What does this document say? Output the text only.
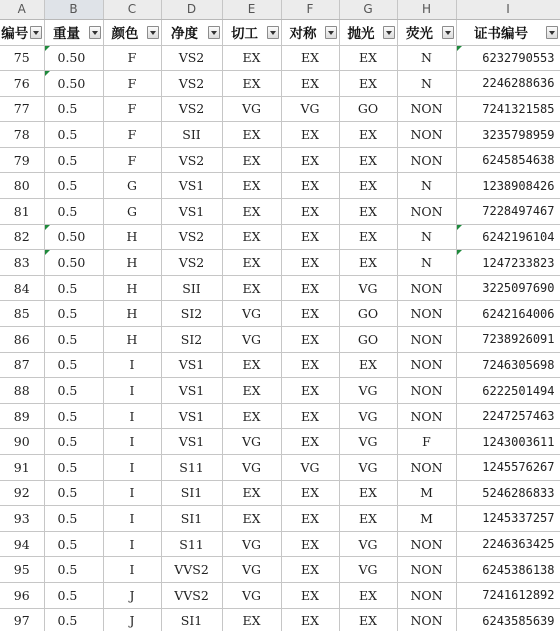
A	B	C	D	E	F	G	H	I
编号	重量	颜色	净度	切工	对称	抛光	荧光	证书编号

75	0.50	F	VS2	EX	EX	EX	N	6232790553
76	0.50	F	VS2	EX	EX	EX	N	2246288636
77	0.5	F	VS2	VG	VG	GO	NON	7241321585
78	0.5	F	SII	EX	EX	EX	NON	3235798959
79	0.5	F	VS2	EX	EX	EX	NON	6245854638
80	0.5	G	VS1	EX	EX	EX	N	1238908426
81	0.5	G	VS1	EX	EX	EX	NON	7228497467
82	0.50	H	VS2	EX	EX	EX	N	6242196104
83	0.50	H	VS2	EX	EX	EX	N	1247233823
84	0.5	H	SII	EX	EX	VG	NON	3225097690
85	0.5	H	SI2	VG	EX	GO	NON	6242164006
86	0.5	H	SI2	VG	EX	GO	NON	7238926091
87	0.5	I	VS1	EX	EX	EX	NON	7246305698
88	0.5	I	VS1	EX	EX	VG	NON	6222501494
89	0.5	I	VS1	EX	EX	VG	NON	2247257463
90	0.5	I	VS1	VG	EX	VG	F	1243003611
91	0.5	I	S11	VG	VG	VG	NON	1245576267
92	0.5	I	SI1	EX	EX	EX	M	5246286833
93	0.5	I	SI1	EX	EX	EX	M	1245337257
94	0.5	I	S11	VG	EX	VG	NON	2246363425
95	0.5	I	VVS2	VG	EX	VG	NON	6245386138
96	0.5	J	VVS2	VG	EX	EX	NON	7241612892
97	0.5	J	SI1	EX	EX	EX	NON	6243585639
